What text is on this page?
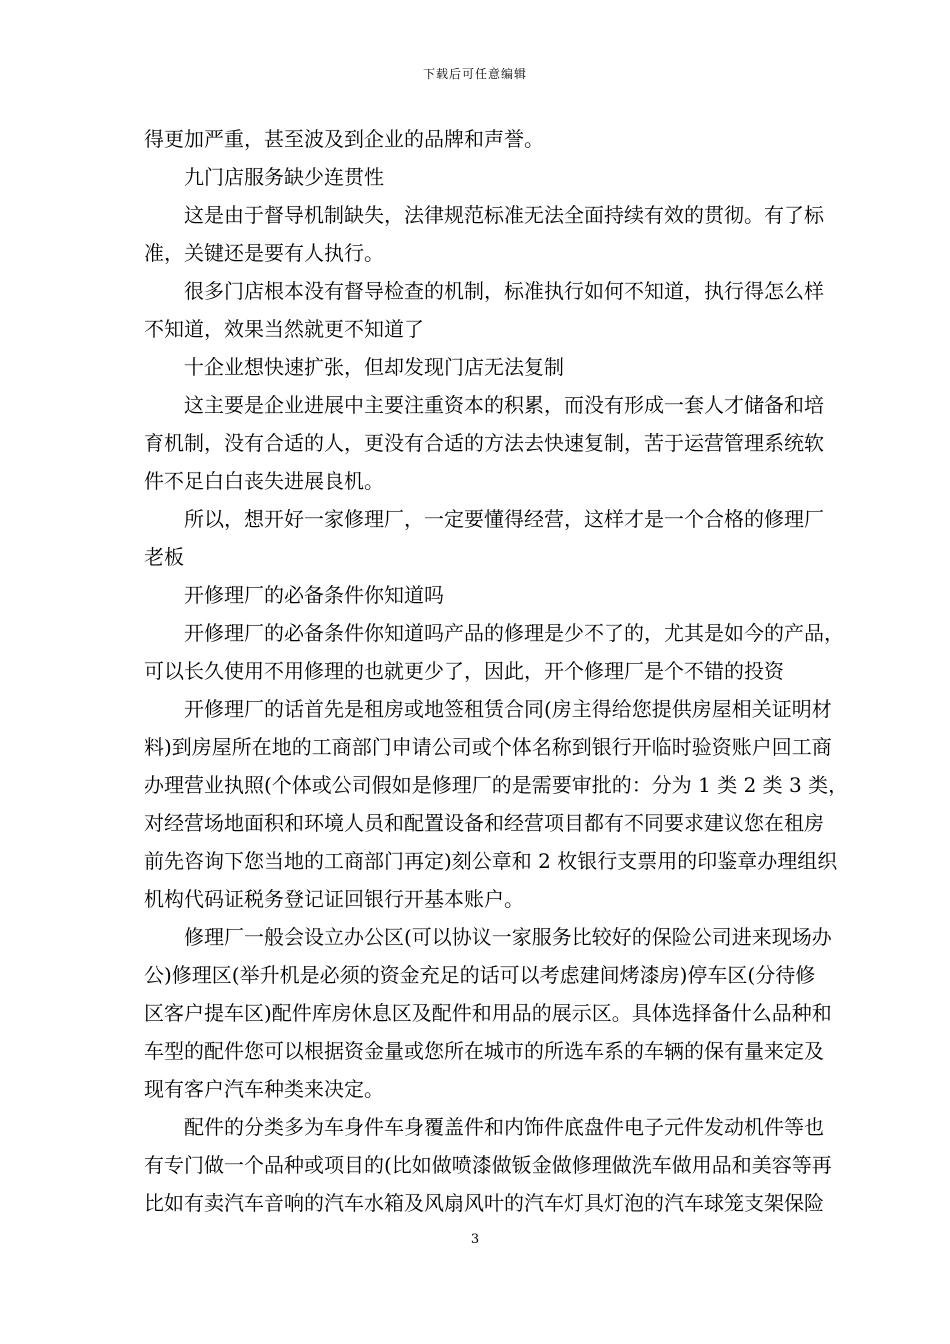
下载后可任意编辑
得更加严重，甚至波及到企业的品牌和声誉。
九门店服务缺少连贯性
这是由于督导机制缺失，法律规范标准无法全面持续有效的贯彻。有了标
准，关键还是要有人执行。
很多门店根本没有督导检查的机制，标准执行如何不知道，执行得怎么样
不知道，效果当然就更不知道了
十企业想快速扩张，但却发现门店无法复制
这主要是企业进展中主要注重资本的积累，而没有形成一套人才储备和培
育机制，没有合适的人，更没有合适的方法去快速复制，苦于运营管理系统软
件不足白白丧失进展良机。
所以，想开好一家修理厂，一定要懂得经营，这样才是一个合格的修理厂
老板
开修理厂的必备条件你知道吗
开修理厂的必备条件你知道吗产品的修理是少不了的，尤其是如今的产品，
可以长久使用不用修理的也就更少了，因此，开个修理厂是个不错的投资
开修理厂的话首先是租房或地签租赁合同(房主得给您提供房屋相关证明材
料)到房屋所在地的工商部门申请公司或个体名称到银行开临时验资账户回工商
办理营业执照(个体或公司假如是修理厂的是需要审批的：分为 1 类 2 类 3 类，
对经营场地面积和环境人员和配置设备和经营项目都有不同要求建议您在租房
前先咨询下您当地的工商部门再定)刻公章和 2 枚银行支票用的印鉴章办理组织
机构代码证税务登记证回银行开基本账户。
修理厂一般会设立办公区(可以协议一家服务比较好的保险公司进来现场办
公)修理区(举升机是必须的资金充足的话可以考虑建间烤漆房)停车区(分待修
区客户提车区)配件库房休息区及配件和用品的展示区。具体选择备什么品种和
车型的配件您可以根据资金量或您所在城市的所选车系的车辆的保有量来定及
现有客户汽车种类来决定。
配件的分类多为车身件车身覆盖件和内饰件底盘件电子元件发动机件等也
有专门做一个品种或项目的(比如做喷漆做钣金做修理做洗车做用品和美容等再
比如有卖汽车音响的汽车水箱及风扇风叶的汽车灯具灯泡的汽车球笼支架保险
3
